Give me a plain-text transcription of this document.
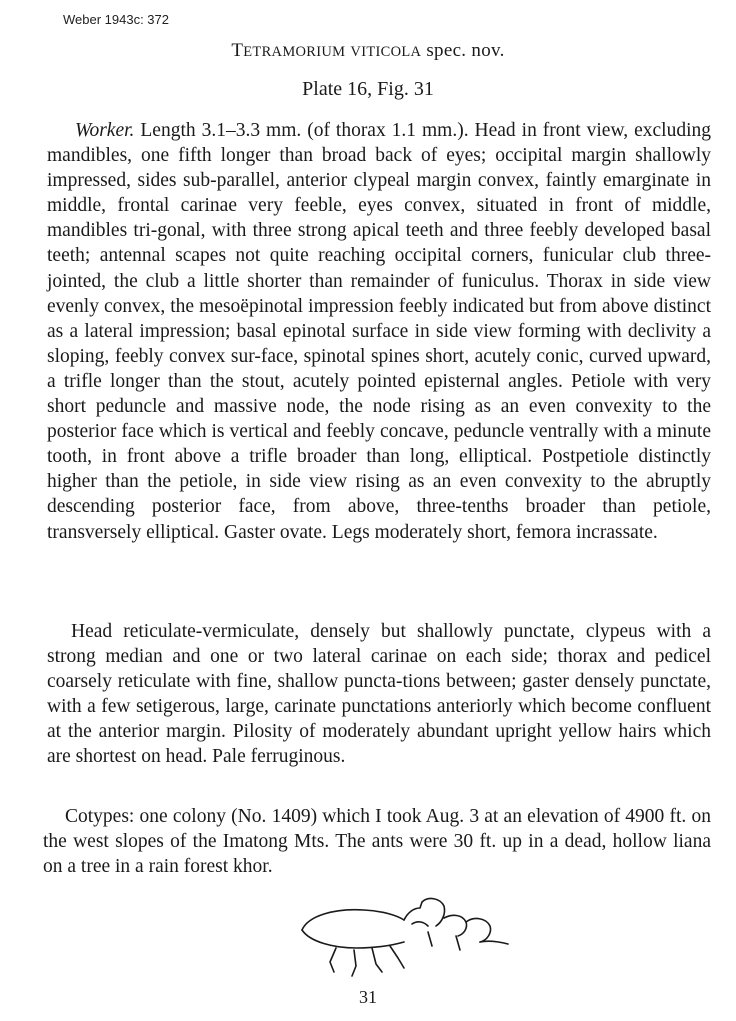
Weber 1943c: 372
TETRAMORIUM VITICOLA spec. nov.
Plate 16, Fig. 31
Worker. Length 3.1–3.3 mm. (of thorax 1.1 mm.). Head in front view, excluding mandibles, one fifth longer than broad back of eyes; occipital margin shallowly impressed, sides sub-parallel, anterior clypeal margin convex, faintly emarginate in middle, frontal carinae very feeble, eyes convex, situated in front of middle, mandibles tri-gonal, with three strong apical teeth and three feebly developed basal teeth; antennal scapes not quite reaching occipital corners, funicular club three-jointed, the club a little shorter than remainder of funiculus. Thorax in side view evenly convex, the mesoëpinotal impression feebly indicated but from above distinct as a lateral impression; basal epinotal surface in side view forming with declivity a sloping, feebly convex sur-face, spinotal spines short, acutely conic, curved upward, a trifle longer than the stout, acutely pointed episternal angles. Petiole with very short peduncle and massive node, the node rising as an even convexity to the posterior face which is vertical and feebly concave, peduncle ventrally with a minute tooth, in front above a trifle broader than long, elliptical. Postpetiole distinctly higher than the petiole, in side view rising as an even convexity to the abruptly descending posterior face, from above, three-tenths broader than petiole, transversely elliptical. Gaster ovate. Legs moderately short, femora incrassate.
Head reticulate-vermiculate, densely but shallowly punctate, clypeus with a strong median and one or two lateral carinae on each side; thorax and pedicel coarsely reticulate with fine, shallow puncta-tions between; gaster densely punctate, with a few setigerous, large, carinate punctations anteriorly which become confluent at the anterior margin. Pilosity of moderately abundant upright yellow hairs which are shortest on head. Pale ferruginous.
Cotypes: one colony (No. 1409) which I took Aug. 3 at an elevation of 4900 ft. on the west slopes of the Imatong Mts. The ants were 30 ft. up in a dead, hollow liana on a tree in a rain forest khor.
31
